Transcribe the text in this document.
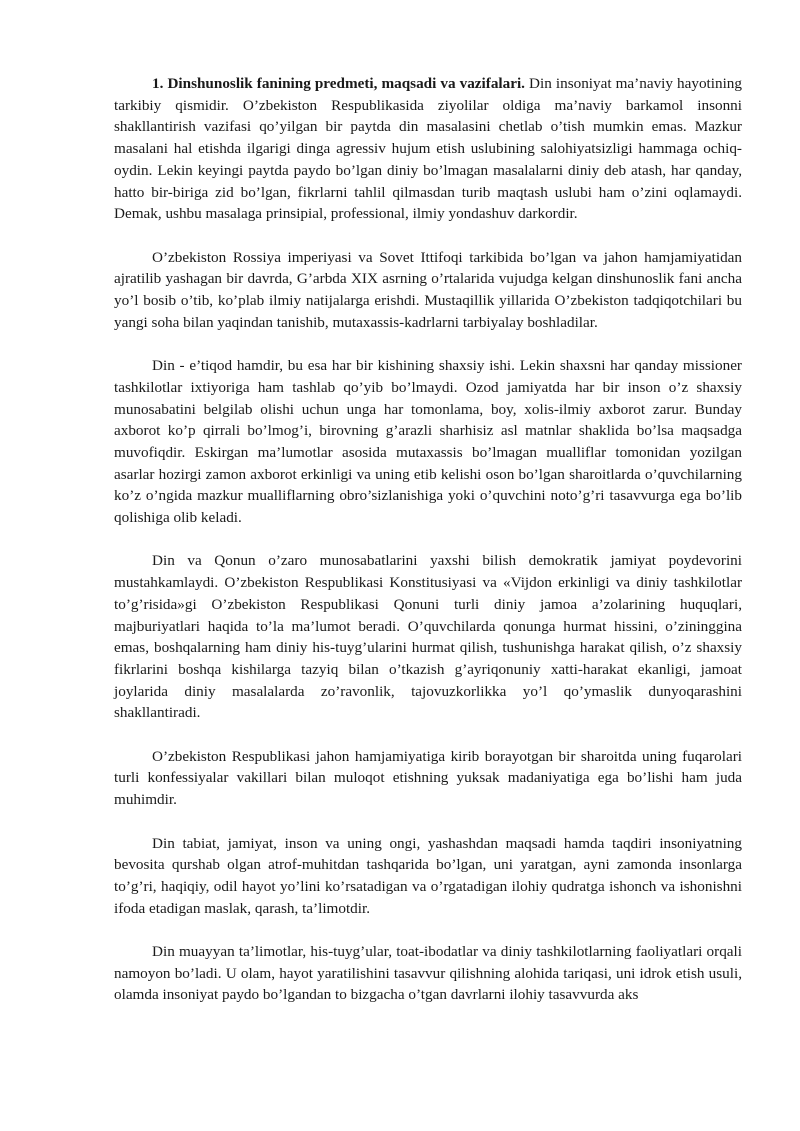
1. Dinshunoslik fanining predmeti, maqsadi va vazifalari. Din insoniyat ma’naviy hayotining tarkibiy qismidir. O’zbekiston Respublikasida ziyolilar oldiga ma’naviy barkamol insonni shakllantirish vazifasi qo’yilgan bir paytda din masalasini chetlab o’tish mumkin emas. Mazkur masalani hal etishda ilgarigi dinga agressiv hujum etish uslubining salohiyatsizligi hammaga ochiq-oydin. Lekin keyingi paytda paydo bo’lgan diniy bo’lmagan masalalarni diniy deb atash, har qanday, hatto bir-biriga zid bo’lgan, fikrlarni tahlil qilmasdan turib maqtash uslubi ham o’zini oqlamaydi. Demak, ushbu masalaga prinsipial, professional, ilmiy yondashuv darkordir.

O’zbekiston Rossiya imperiyasi va Sovet Ittifoqi tarkibida bo’lgan va jahon hamjamiyatidan ajratilib yashagan bir davrda, G’arbda XIX asrning o’rtalarida vujudga kelgan dinshunoslik fani ancha yo’l bosib o’tib, ko’plab ilmiy natijalarga erishdi. Mustaqillik yillarida O’zbekiston tadqiqotchilari bu yangi soha bilan yaqindan tanishib, mutaxassis-kadrlarni tarbiyalay boshladilar.

Din - e’tiqod hamdir, bu esa har bir kishining shaxsiy ishi. Lekin shaxsni har qanday missioner tashkilotlar ixtiyoriga ham tashlab qo’yib bo’lmaydi. Ozod jamiyatda har bir inson o’z shaxsiy munosabatini belgilab olishi uchun unga har tomonlama, boy, xolis-ilmiy axborot zarur. Bunday axborot ko’p qirrali bo’lmog’i, birovning g’arazli sharhisiz asl matnlar shaklida bo’lsa maqsadga muvofiqdir. Eskirgan ma’lumotlar asosida mutaxassis bo’lmagan mualliflar tomonidan yozilgan asarlar hozirgi zamon axborot erkinligi va uning etib kelishi oson bo’lgan sharoitlarda o’quvchilarning ko’z o’ngida mazkur mualliflarning obro’sizlanishiga yoki o’quvchini noto’g’ri tasavvurga ega bo’lib qolishiga olib keladi.

Din va Qonun o’zaro munosabatlarini yaxshi bilish demokratik jamiyat poydevorini mustahkamlaydi. O’zbekiston Respublikasi Konstitusiyasi va «Vijdon erkinligi va diniy tashkilotlar to’g’risida»gi O’zbekiston Respublikasi Qonuni turli diniy jamoa a’zolarining huquqlari, majburiyatlari haqida to’la ma’lumot beradi. O’quvchilarda qonunga hurmat hissini, o’zininggina emas, boshqalarning ham diniy his-tuyg’ularini hurmat qilish, tushunishga harakat qilish, o’z shaxsiy fikrlarini boshqa kishilarga tazyiq bilan o’tkazish g’ayriqonuniy xatti-harakat ekanligi, jamoat joylarida diniy masalalarda zo’ravonlik, tajovuzkorlikka yo’l qo’ymaslik dunyoqarashini shakllantiradi.

O’zbekiston Respublikasi jahon hamjamiyatiga kirib borayotgan bir sharoitda uning fuqarolari turli konfessiyalar vakillari bilan muloqot etishning yuksak madaniyatiga ega bo’lishi ham juda muhimdir.

Din tabiat, jamiyat, inson va uning ongi, yashashdan maqsadi hamda taqdiri insoniyatning bevosita qurshab olgan atrof-muhitdan tashqarida bo’lgan, uni yaratgan, ayni zamonda insonlarga to’g’ri, haqiqiy, odil hayot yo’lini ko’rsatadigan va o’rgatadigan ilohiy qudratga ishonch va ishonishni ifoda etadigan maslak, qarash, ta’limotdir.

Din muayyan ta’limotlar, his-tuyg’ular, toat-ibodatlar va diniy tashkilotlarning faoliyatlari orqali namoyon bo’ladi. U olam, hayot yaratilishini tasavvur qilishning alohida tariqasi, uni idrok etish usuli, olamda insoniyat paydo bo’lgandan to bizgacha o’tgan davrlarni ilohiy tasavvurda aks
